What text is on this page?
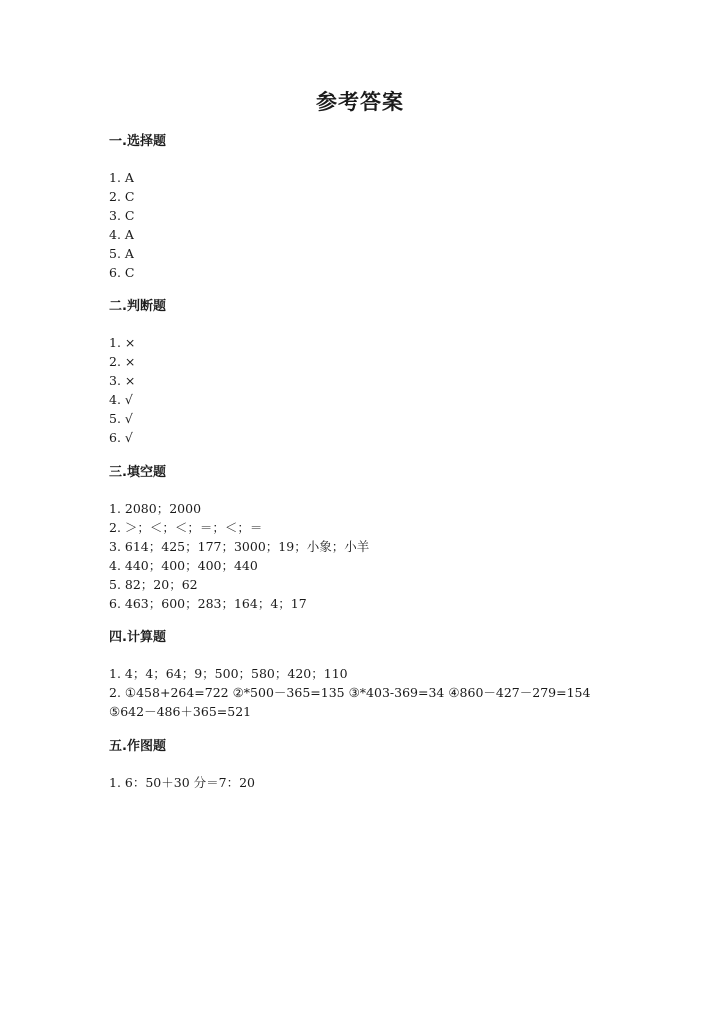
参考答案
一.选择题
1. A
2. C
3. C
4. A
5. A
6. C
二.判断题
1. ×
2. ×
3. ×
4. √
5. √
6. √
三.填空题
1. 2080；2000
2. ＞；＜；＜；＝；＜；＝
3. 614；425；177；3000；19；小象；小羊
4. 440；400；400；440
5. 82；20；62
6. 463；600；283；164；4；17
四.计算题
1. 4；4；64；9；500；580；420；110
2. ①458+264=722 ②*500－365=135 ③*403-369=34 ④860－427－279=154
⑤642－486＋365=521
五.作图题
1. 6：50＋30 分＝7：20
